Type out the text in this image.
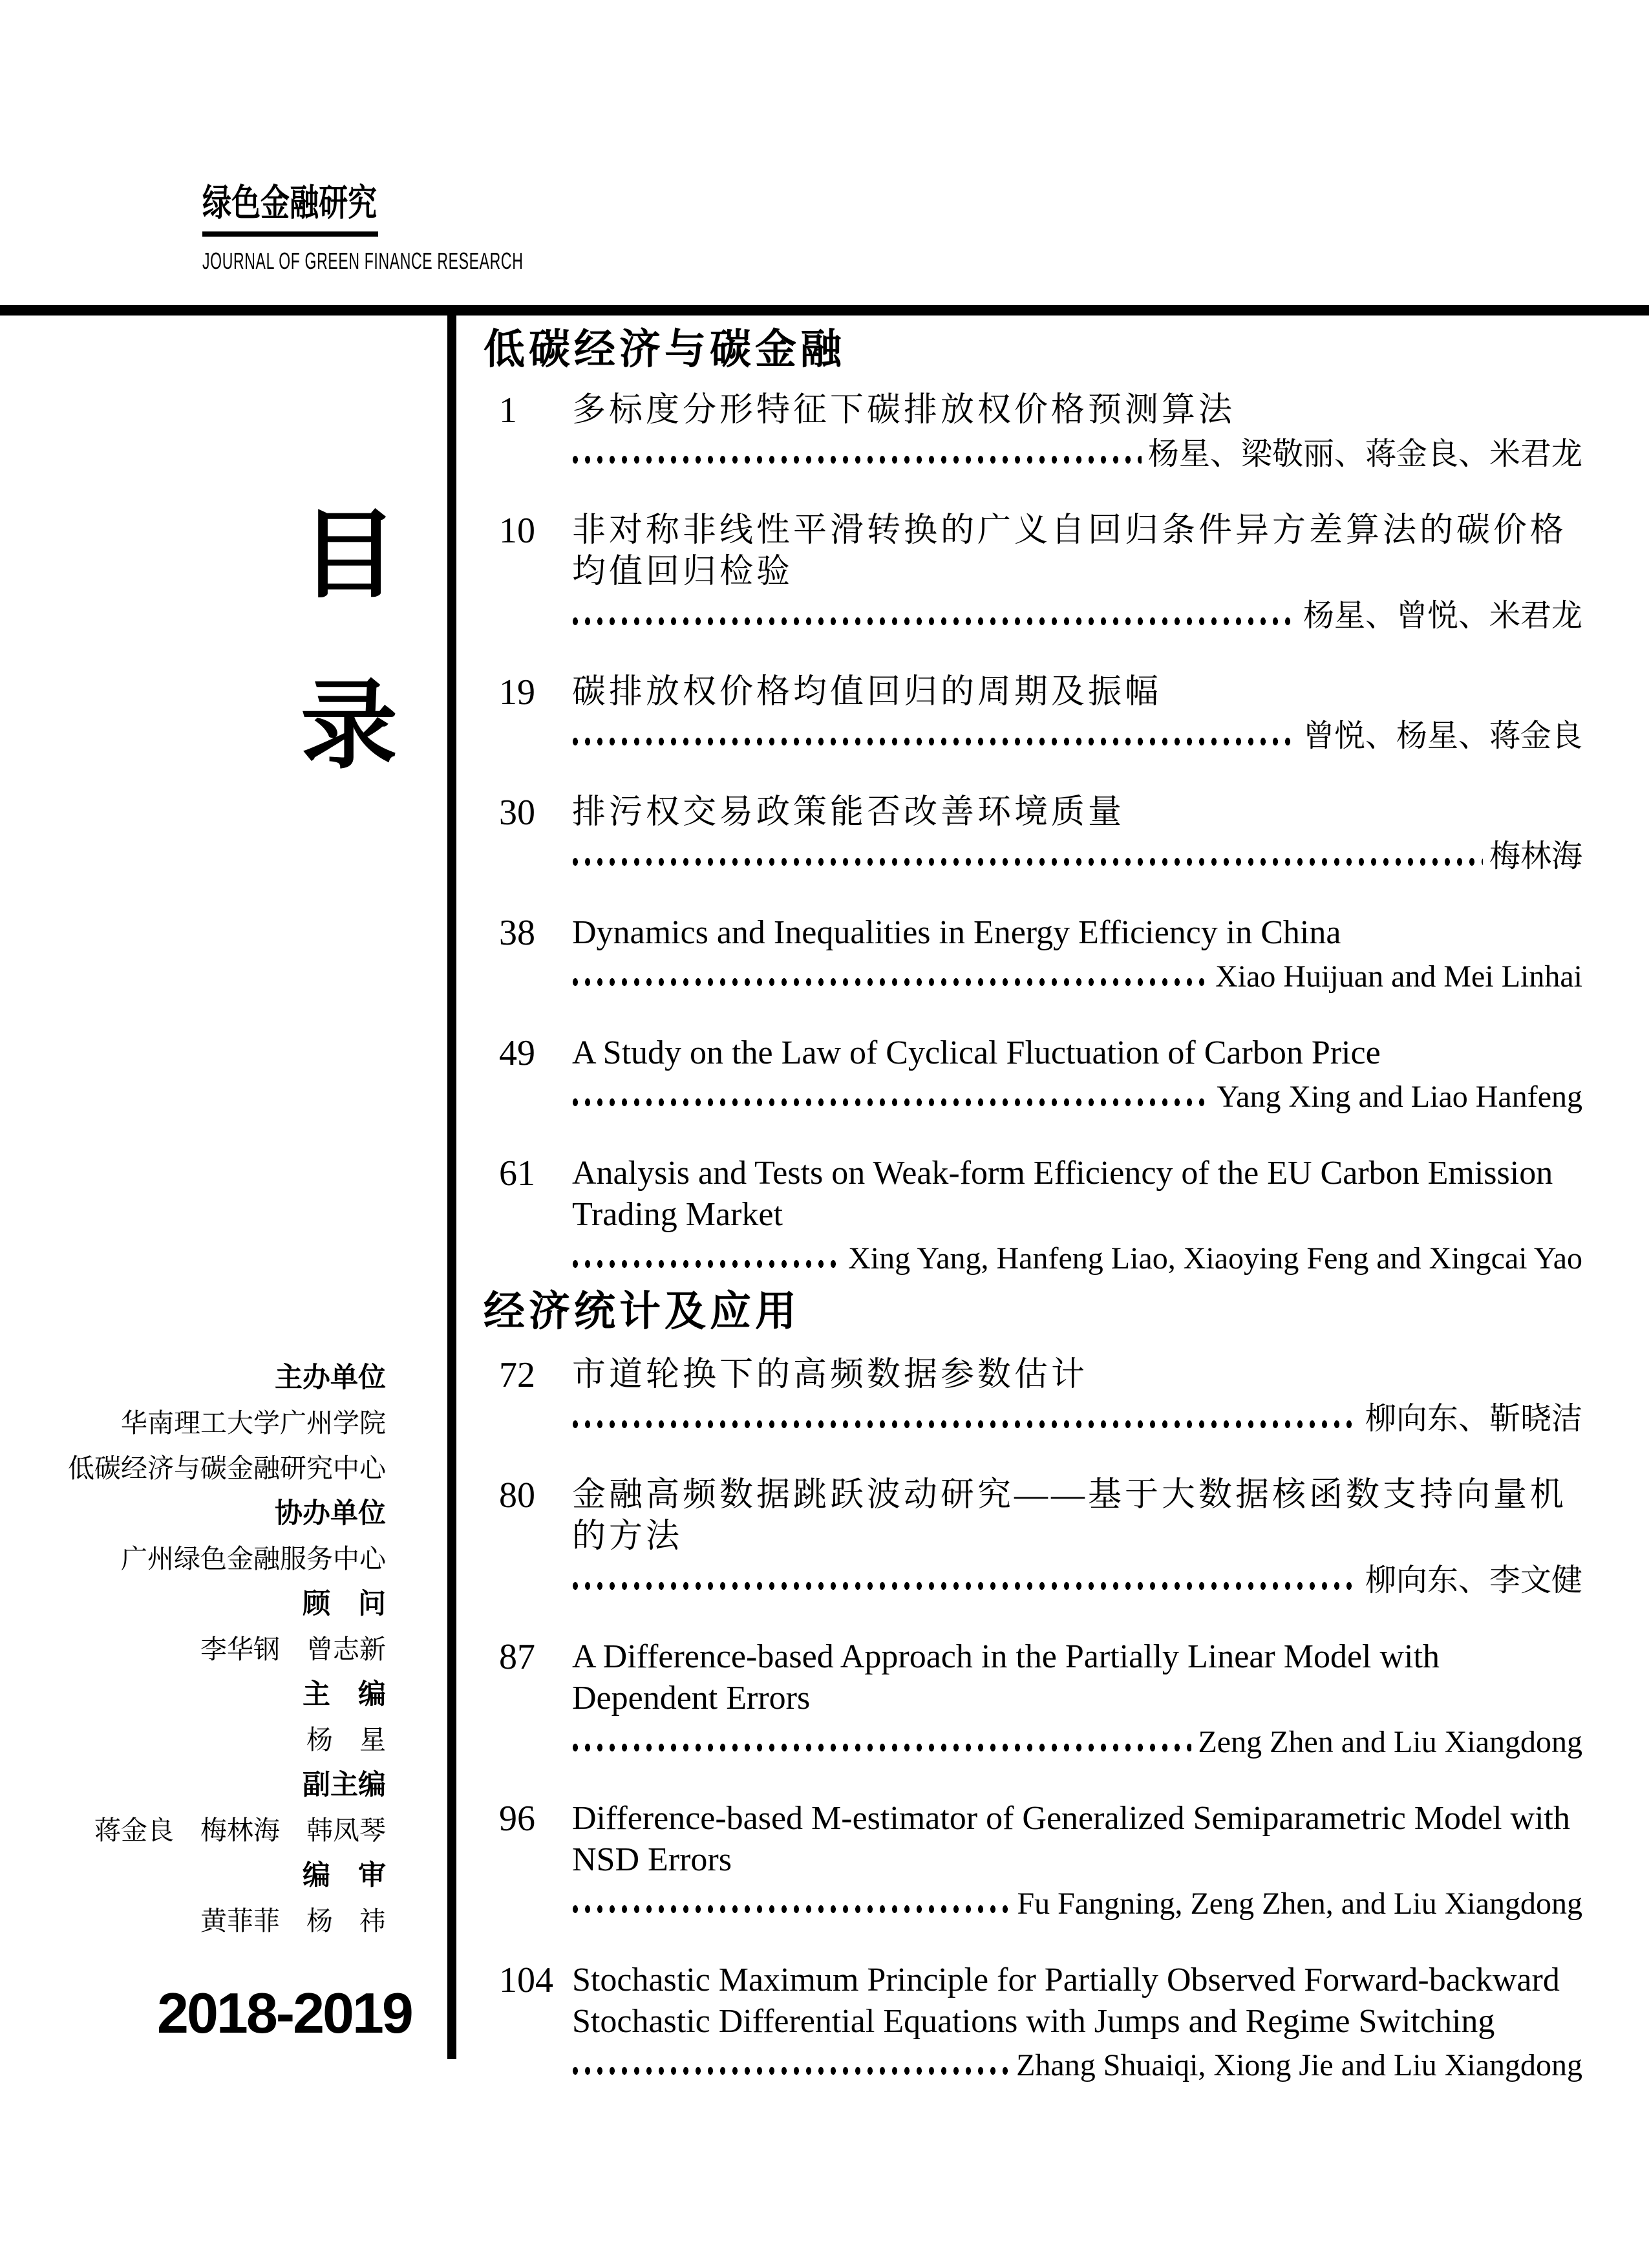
绿色金融研究
JOURNAL OF GREEN FINANCE RESEARCH
目
录
主办单位
华南理工大学广州学院
低碳经济与碳金融研究中心
协办单位
广州绿色金融服务中心
顾　问
李华钢　曾志新
主　编
杨　星
副主编
蒋金良　梅林海　韩凤琴
编　审
黄菲菲　杨　祎
2018-2019
低碳经济与碳金融
1	多标度分形特征下碳排放权价格预测算法
杨星、梁敬丽、蒋金良、米君龙
10	非对称非线性平滑转换的广义自回归条件异方差算法的碳价格均值回归检验
杨星、曾悦、米君龙
19	碳排放权价格均值回归的周期及振幅
曾悦、杨星、蒋金良
30	排污权交易政策能否改善环境质量
梅林海
38	Dynamics and Inequalities in Energy Efficiency in China
Xiao Huijuan and Mei Linhai
49	A Study on the Law of Cyclical Fluctuation of Carbon Price
Yang Xing and Liao Hanfeng
61	Analysis and Tests on Weak-form Efficiency of the EU Carbon Emission Trading Market
Xing Yang, Hanfeng Liao, Xiaoying Feng and Xingcai Yao
经济统计及应用
72	市道轮换下的高频数据参数估计
柳向东、靳晓洁
80	金融高频数据跳跃波动研究——基于大数据核函数支持向量机的方法
柳向东、李文健
87	A Difference-based Approach in the Partially Linear Model with Dependent Errors
Zeng Zhen and Liu Xiangdong
96	Difference-based M-estimator of Generalized Semiparametric Model with NSD Errors
Fu Fangning, Zeng Zhen, and Liu Xiangdong
104 Stochastic Maximum Principle for Partially Observed Forward-backward Stochastic Differential Equations with Jumps and Regime Switching
Zhang Shuaiqi, Xiong Jie and Liu Xiangdong
